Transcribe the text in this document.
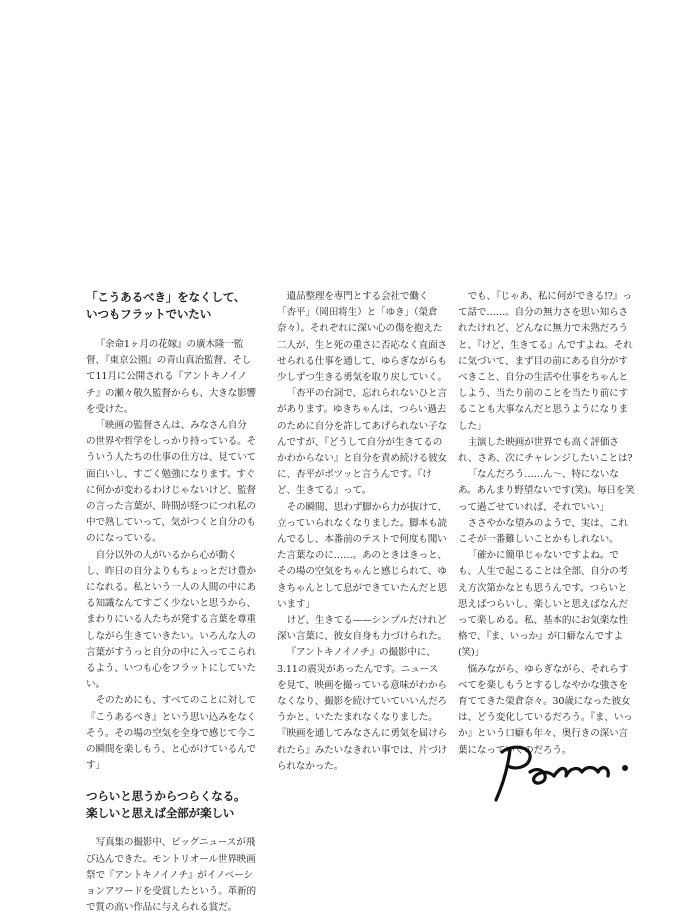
「こうあるべき」をなくして、
いつもフラットでいたい

『余命1ヶ月の花嫁』の廣木隆一監督、『東京公園』の青山真治監督、そして11月に公開される『アントキノイノチ』の瀬々敬久監督からも、大きな影響を受けた。

「映画の監督さんは、みなさん自分の世界や哲学をしっかり持っている。そういう人たちの仕事の仕方は、見ていて面白いし、すごく勉強になります。すぐに何かが変わるわけじゃないけど、監督の言った言葉が、時間が経つにつれ私の中で熟していって、気がつくと自分のものになっている。

自分以外の人がいるから心が動くし、昨日の自分よりもちょっとだけ豊かになれる。私という一人の人間の中にある知識なんてすごく少ないと思うから、まわりにいる人たちが発する言葉を尊重しながら生きていきたい。いろんな人の言葉がすうっと自分の中に入ってこられるよう、いつも心をフラットにしていたい。

そのためにも、すべてのことに対して『こうあるべき』という思い込みをなくそう。その場の空気を全身で感じて今この瞬間を楽しもう、と心がけているんです」

つらいと思うからつらくなる。
楽しいと思えば全部が楽しい

写真集の撮影中、ビッグニュースが飛び込んできた。モントリオール世界映画祭で『アントキノイノチ』がイノベーションアワードを受賞したという。革新的で質の高い作品に与えられる賞だ。

遺品整理を専門とする会社で働く「杏平」（岡田将生）と「ゆき」（榮倉奈々）。それぞれに深い心の傷を抱えた二人が、生と死の重さに否応なく直面させられる仕事を通して、ゆらぎながらも少しずつ生きる勇気を取り戻していく。

「杏平の台詞で、忘れられないひと言があります。ゆきちゃんは、つらい過去のために自分を許してあげられない子なんですが、『どうして自分が生きてるのかわからない』と自分を責め続ける彼女に、杏平がポツッと言うんです。『けど、生きてる』って。

その瞬間、思わず脚から力が抜けて、立っていられなくなりました。脚本も読んでるし、本番前のテストで何度も聞いた言葉なのに……。あのときはきっと、その場の空気をちゃんと感じられて、ゆきちゃんとして息ができていたんだと思います」

けど、生きてる——シンプルだけれど深い言葉に、彼女自身も力づけられた。

『アントキノイノチ』の撮影中に、3.11の震災があったんです。ニュースを見て、映画を撮っている意味がわからなくなり、撮影を続けていていいんだろうかと、いたたまれなくなりました。『映画を通してみなさんに勇気を届けられたら』みたいなきれい事では、片づけられなかった。

でも、『じゃあ、私に何ができる!?』って話で……。自分の無力さを思い知らされたけれど、どんなに無力で未熟だろうと、『けど、生きてる』んですよね。それに気づいて、まず目の前にある自分がすべきこと、自分の生活や仕事をちゃんとしよう、当たり前のことを当たり前にすることも大事なんだと思うようになりました」

主演した映画が世界でも高く評価され、さあ、次にチャレンジしたいことは?

「なんだろう……ん～、特にないなあ。あんまり野望ないです(笑)。毎日を笑って過ごせていれば、それでいい」

ささやかな望みのようで、実は、これこそが一番難しいことかもしれない。

「確かに簡単じゃないですよね。でも、人生で起こることは全部、自分の考え方次第かなとも思うんです。つらいと思えばつらいし、楽しいと思えばなんだって楽しめる。私、基本的にお気楽な性格で、『ま、いっか』が口癖なんですよ(笑)」

悩みながら、ゆらぎながら、それらすべてを楽しもうとするしなやかな強さを育ててきた榮倉奈々。30歳になった彼女は、どう変化しているだろう。『ま、いっか』という口癖も年々、奥行きの深い言葉になっていくのだろう。
